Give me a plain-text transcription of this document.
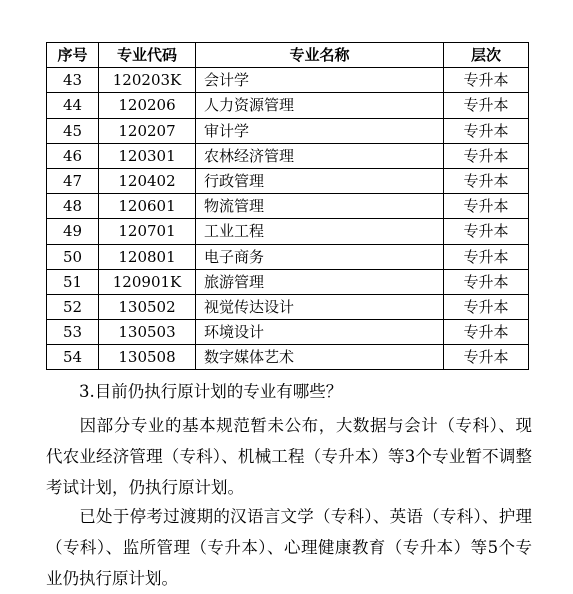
序号	专业代码	专业名称	层次
43	120203K	会计学	专升本
44	120206	人力资源管理	专升本
45	120207	审计学	专升本
46	120301	农林经济管理	专升本
47	120402	行政管理	专升本
48	120601	物流管理	专升本
49	120701	工业工程	专升本
50	120801	电子商务	专升本
51	120901K	旅游管理	专升本
52	130502	视觉传达设计	专升本
53	130503	环境设计	专升本
54	130508	数字媒体艺术	专升本
3.目前仍执行原计划的专业有哪些？
因部分专业的基本规范暂未公布，大数据与会计（专科）、现代农业经济管理（专科）、机械工程（专升本）等3个专业暂不调整考试计划，仍执行原计划。
已处于停考过渡期的汉语言文学（专科）、英语（专科）、护理（专科）、监所管理（专升本）、心理健康教育（专升本）等5个专业仍执行原计划。
